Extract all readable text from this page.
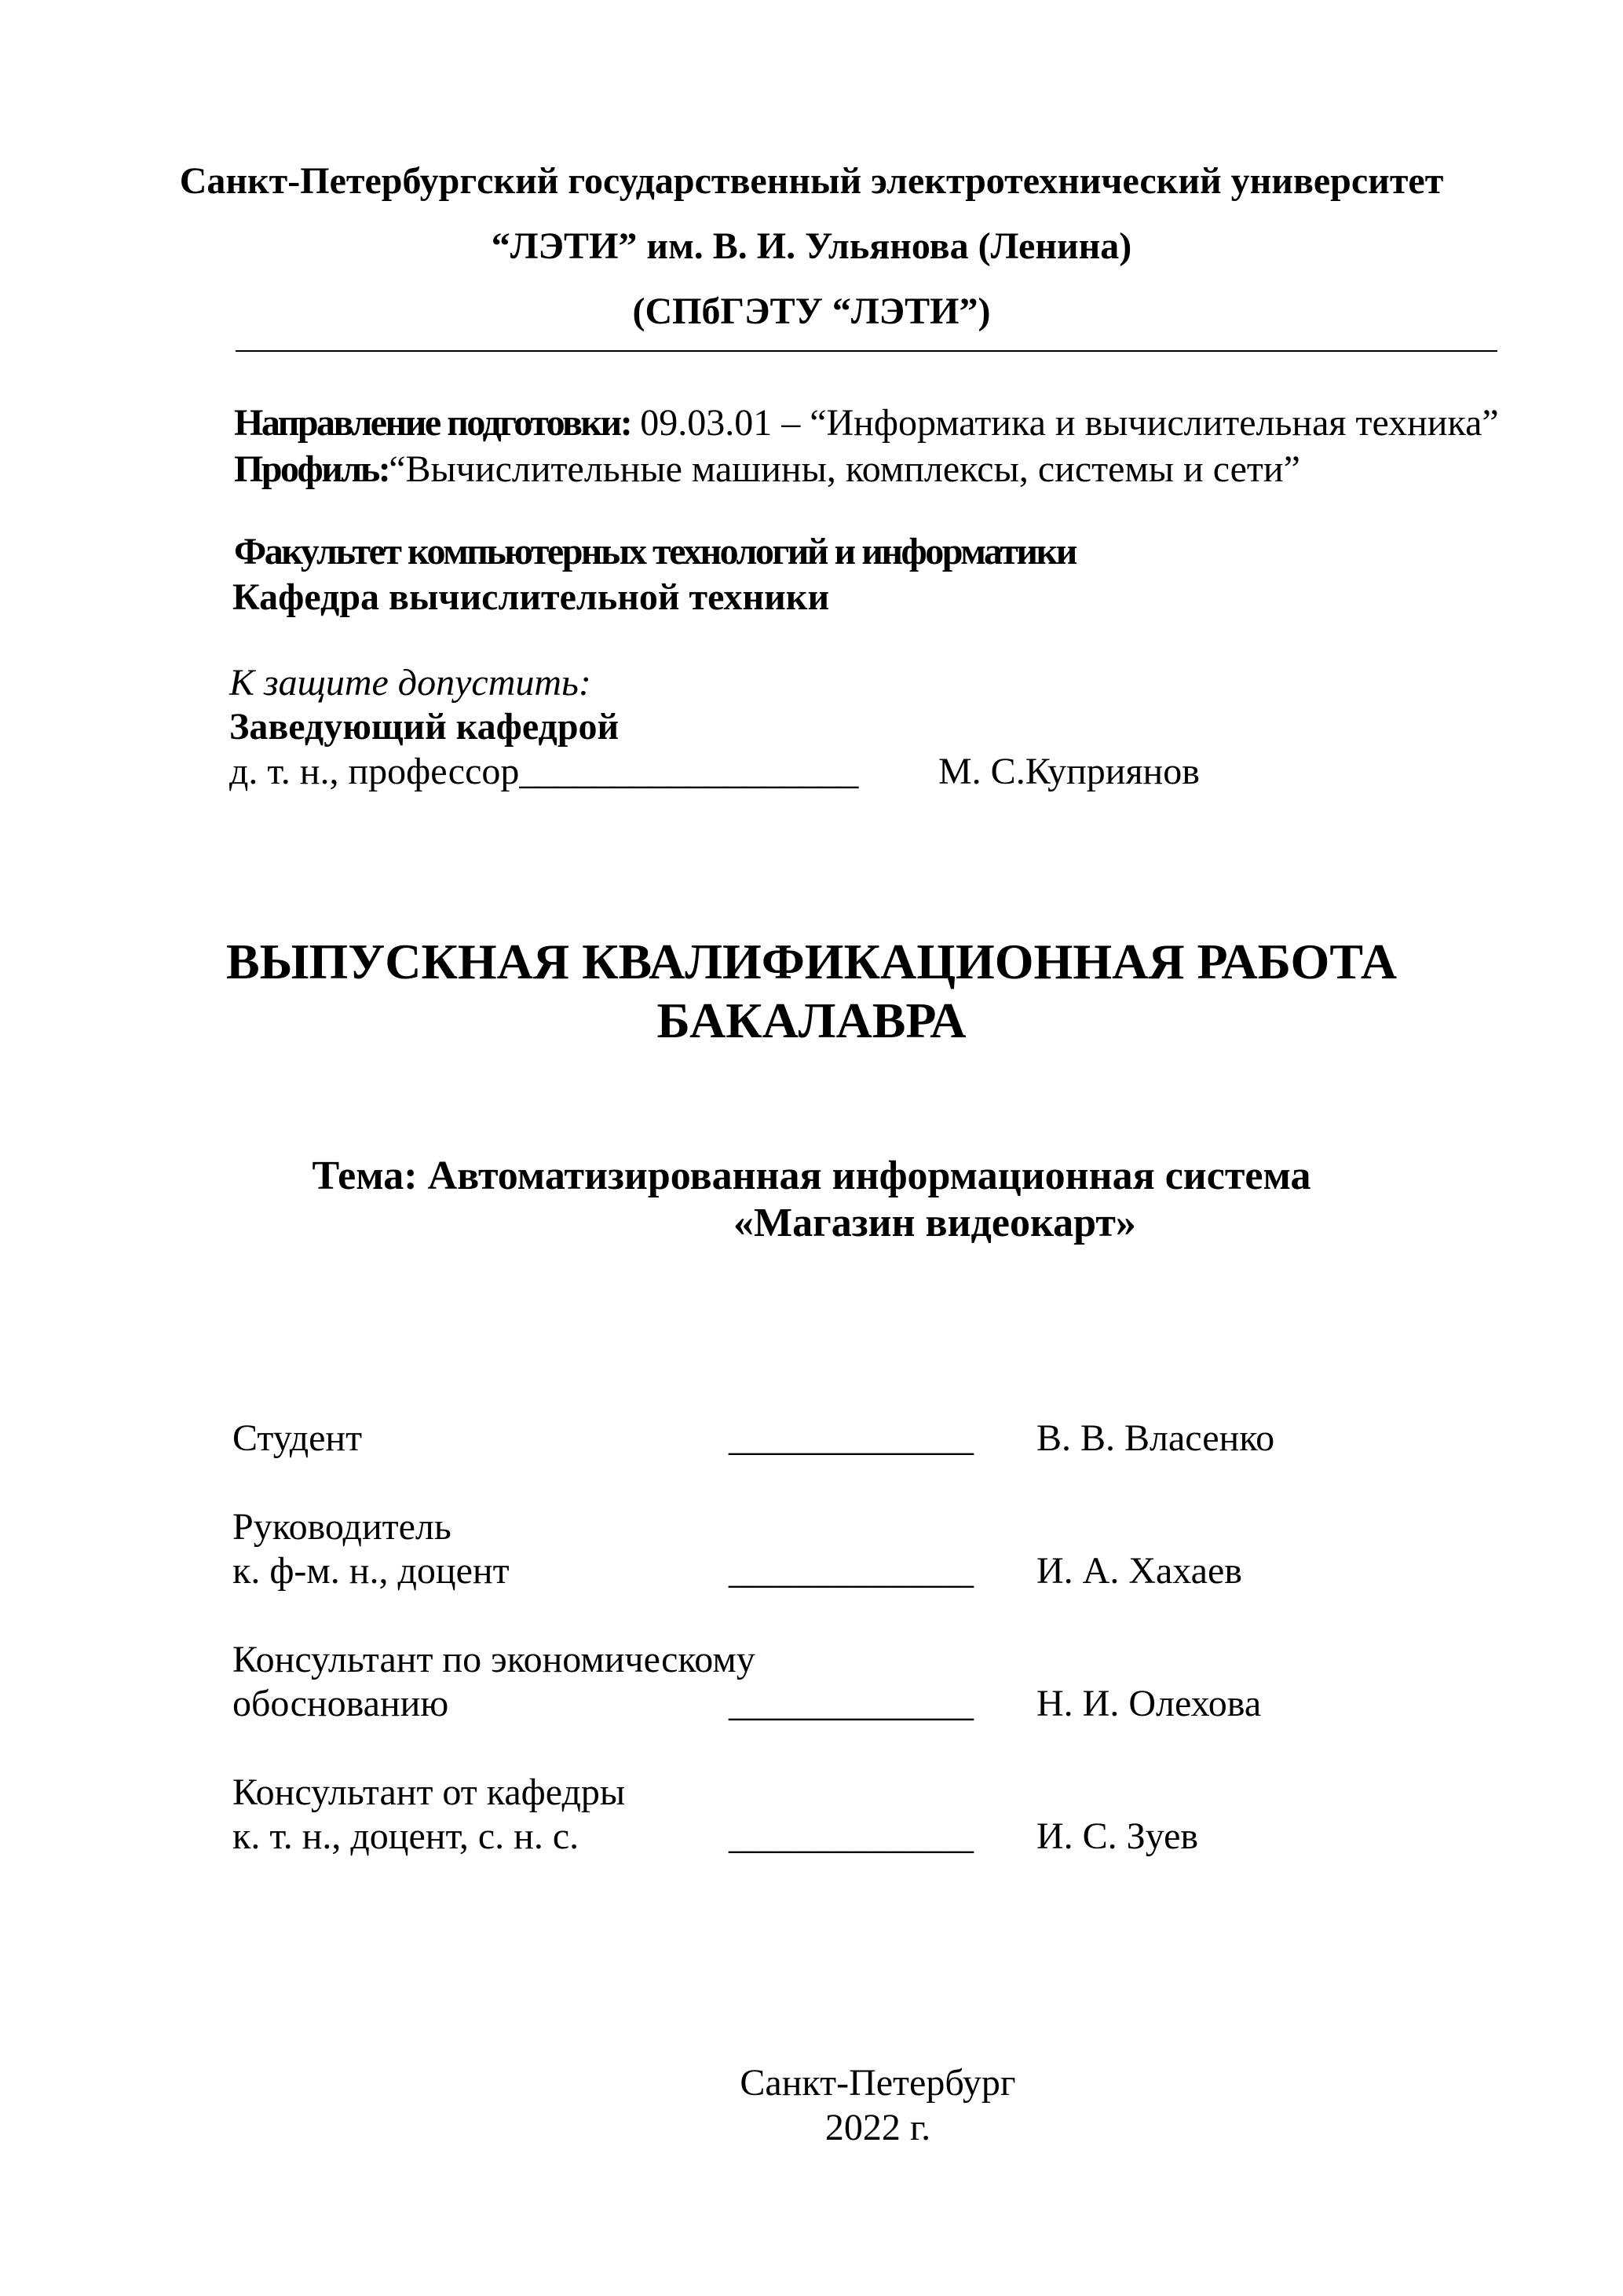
Санкт-Петербургский государственный электротехнический университет
“ЛЭТИ” им. В. И. Ульянова (Ленина)
(СПбГЭТУ “ЛЭТИ”)
Направление подготовки: 09.03.01 – “Информатика и вычислительная техника”
Профиль:“Вычислительные машины, комплексы, системы и сети”
Факультет компьютерных технологий и информатики
Кафедра вычислительной техники
К защите допустить:
Заведующий кафедрой
д. т. н., профессор__________________ М. С.Куприянов
ВЫПУСКНАЯ КВАЛИФИКАЦИОННАЯ РАБОТА
БАКАЛАВРА
Тема: Автоматизированная информационная система
«Магазин видеокарт»
Студент	_____________ В. В. Власенко
Руководитель
к. ф-м. н., доцент	_____________ И. А. Хахаев
Консультант по экономическому
обоснованию	_____________ Н. И. Олехова
Консультант от кафедры
к. т. н., доцент, с. н. с.	_____________ И. С. Зуев
Санкт-Петербург
2022 г.
